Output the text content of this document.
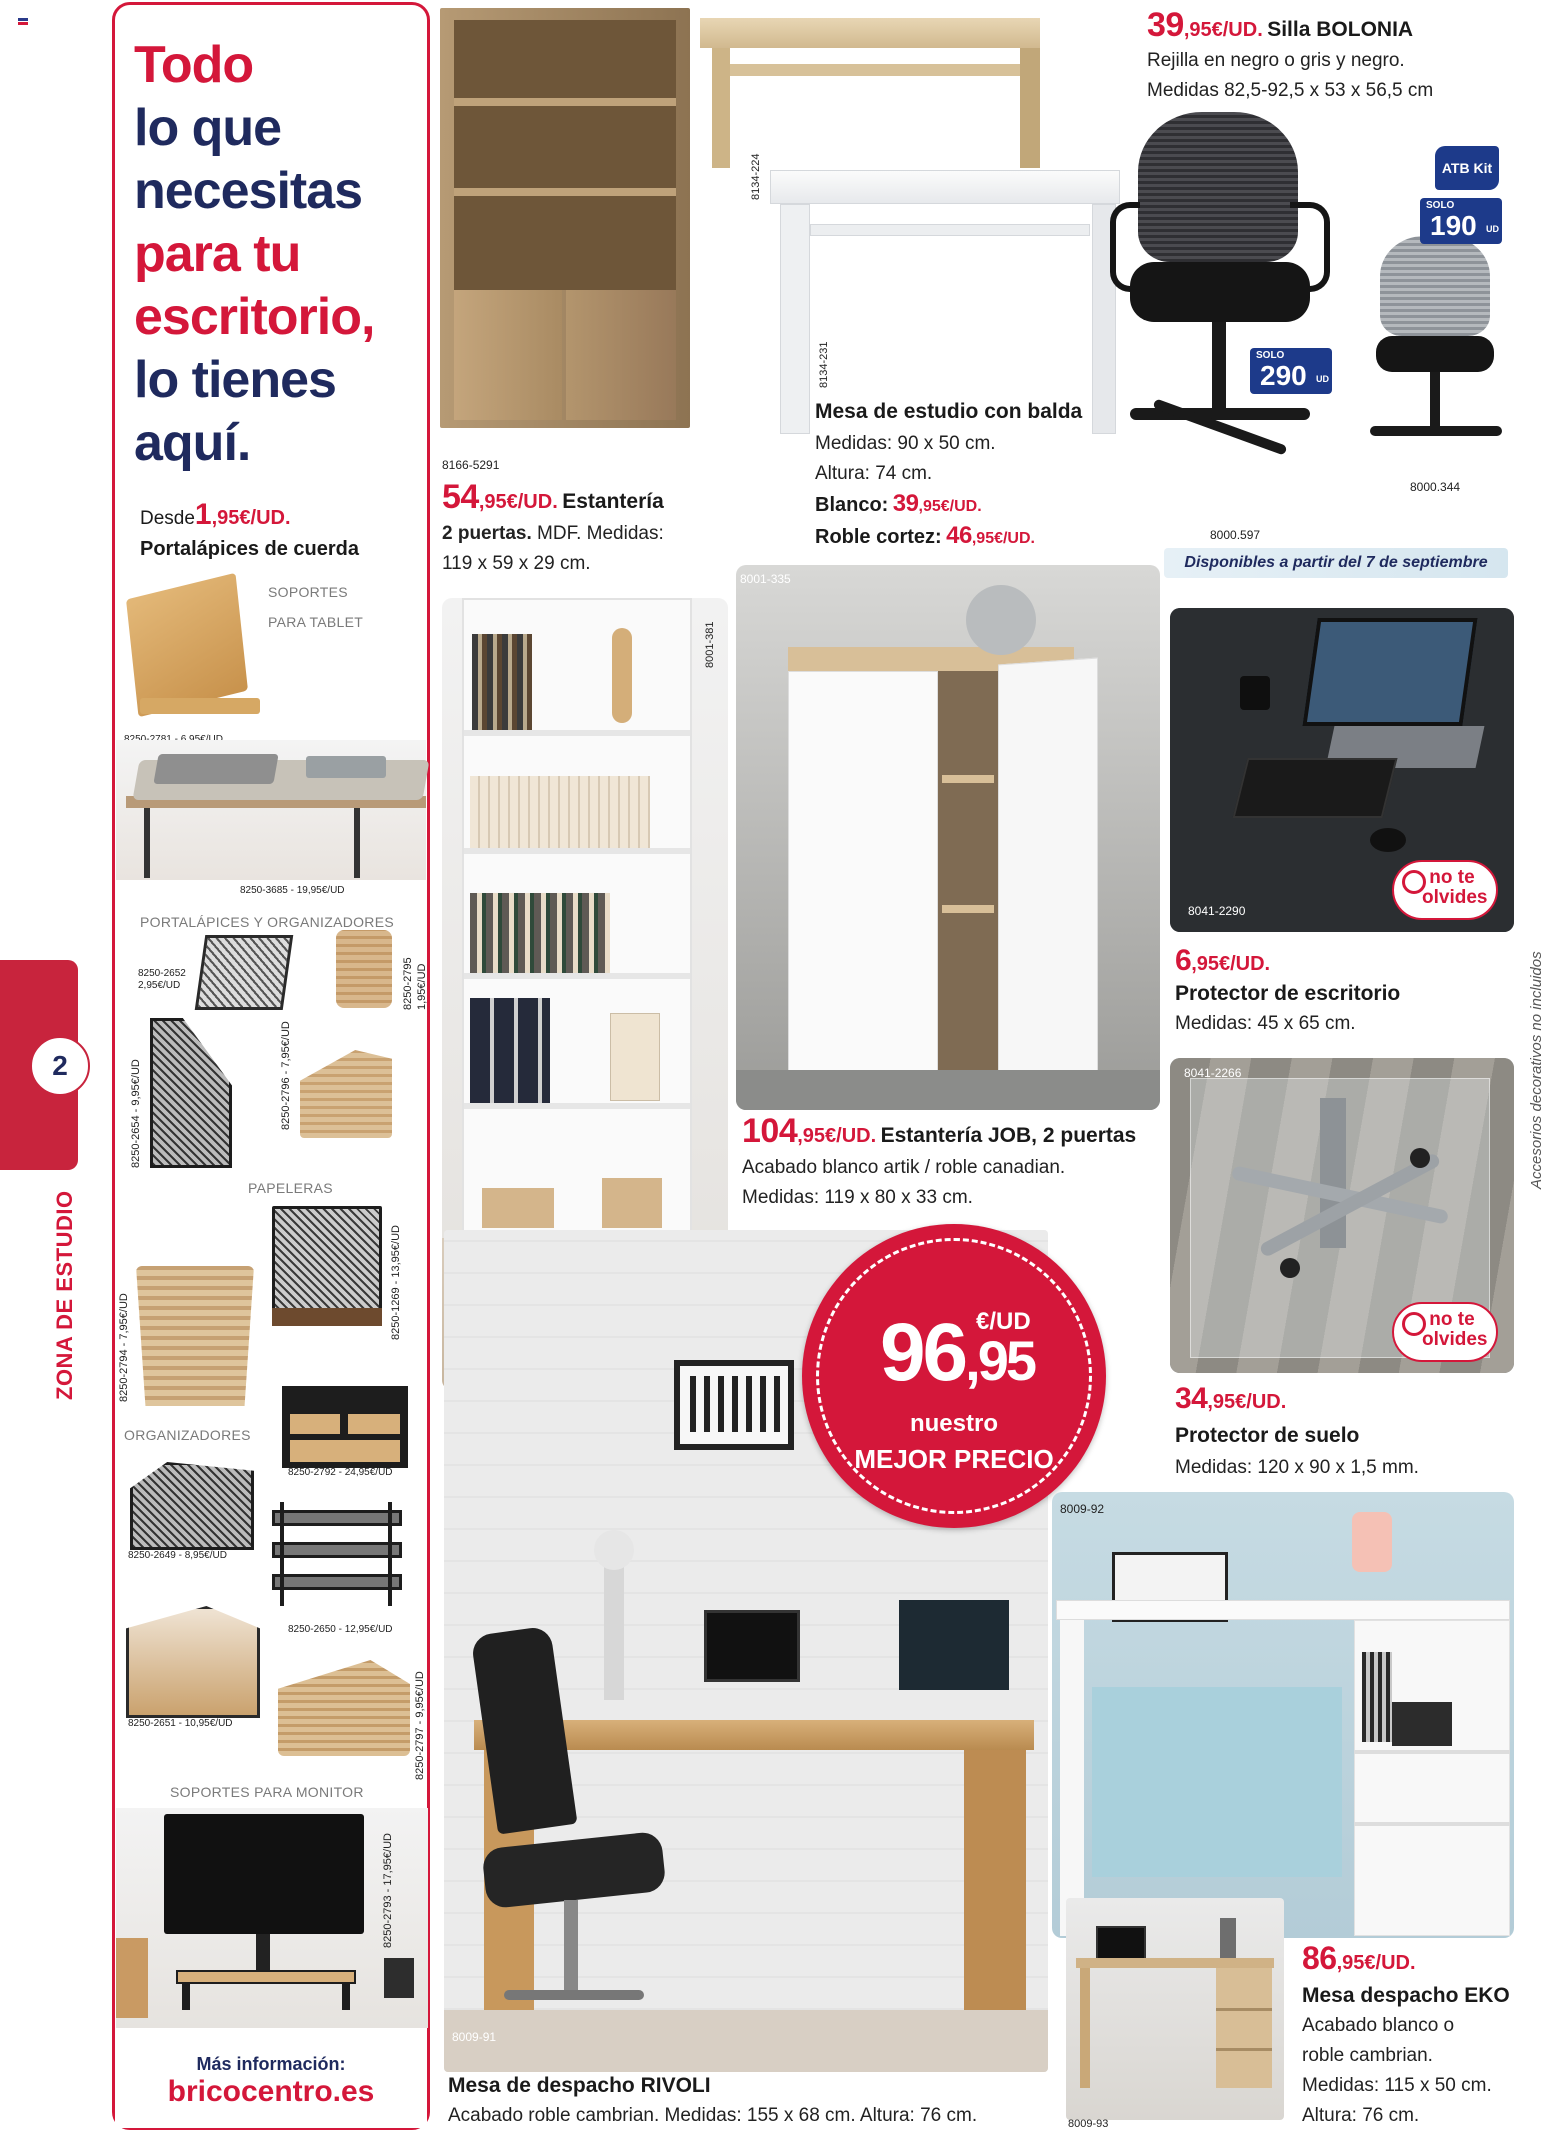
2
ZONA DE ESTUDIO
Todo
lo que
necesitas
para tu
escritorio,
lo tienes
aquí.
Desde1,95€/UD.
Portalápices de cuerda
SOPORTES
PARA TABLET
8250-3685 - 19,95€/UD
PORTALÁPICES Y ORGANIZADORES
8250-2652
2,95€/UD	8250-2795 1,95€/UD
8250-2654 - 9,95€/UD	8250-2796 - 7,95€/UD
PAPELERAS
8250-1269 - 13,95€/UD
8250-2794 - 7,95€/UD
ORGANIZADORES
8250-2792 - 24,95€/UD
8250-2649 - 8,95€/UD
8250-2650 - 12,95€/UD
8250-2651 - 10,95€/UD	8250-2797 - 9,95€/UD
SOPORTES PARA MONITOR
8250-2793 - 17,95€/UD
Más información:
bricocentro.es
8166-5291
54,95€/UD. Estantería
2 puertas. MDF. Medidas:
119 x 59 x 29 cm.
8134-224
8134-231
Mesa de estudio con balda
Medidas: 90 x 50 cm.
Altura: 74 cm.
Blanco: 39,95€/UD.
Roble cortez: 46,95€/UD.
39,95€/UD. Silla BOLONIA
Rejilla en negro o gris y negro.
Medidas 82,5-92,5 x 53 x 56,5 cm
ATB Kit
SOLO
190 UD
SOLO
290 UD
8000.344
8000.597
Disponibles a partir del 7 de septiembre
8001-381
8001-335
104,95€/UD. Estantería JOB, 2 puertas
Acabado blanco artik / roble canadian.
Medidas: 119 x 80 x 33 cm.
8041-2290
no te olvides
6,95€/UD.
Protector de escritorio
Medidas: 45 x 65 cm.	Accesorios decorativos no incluidos
8041-2266
no te olvides
34,95€/UD.
Protector de suelo
Medidas: 120 x 90 x 1,5 mm.
8009-91
€/UD
96,95
nuestro
MEJOR PRECIO
Mesa de despacho RIVOLI
Acabado roble cambrian. Medidas: 155 x 68 cm. Altura: 76 cm.
8009-92
8009-93
86,95€/UD.
Mesa despacho EKO
Acabado blanco o
roble cambrian.
Medidas: 115 x 50 cm.
Altura: 76 cm.
